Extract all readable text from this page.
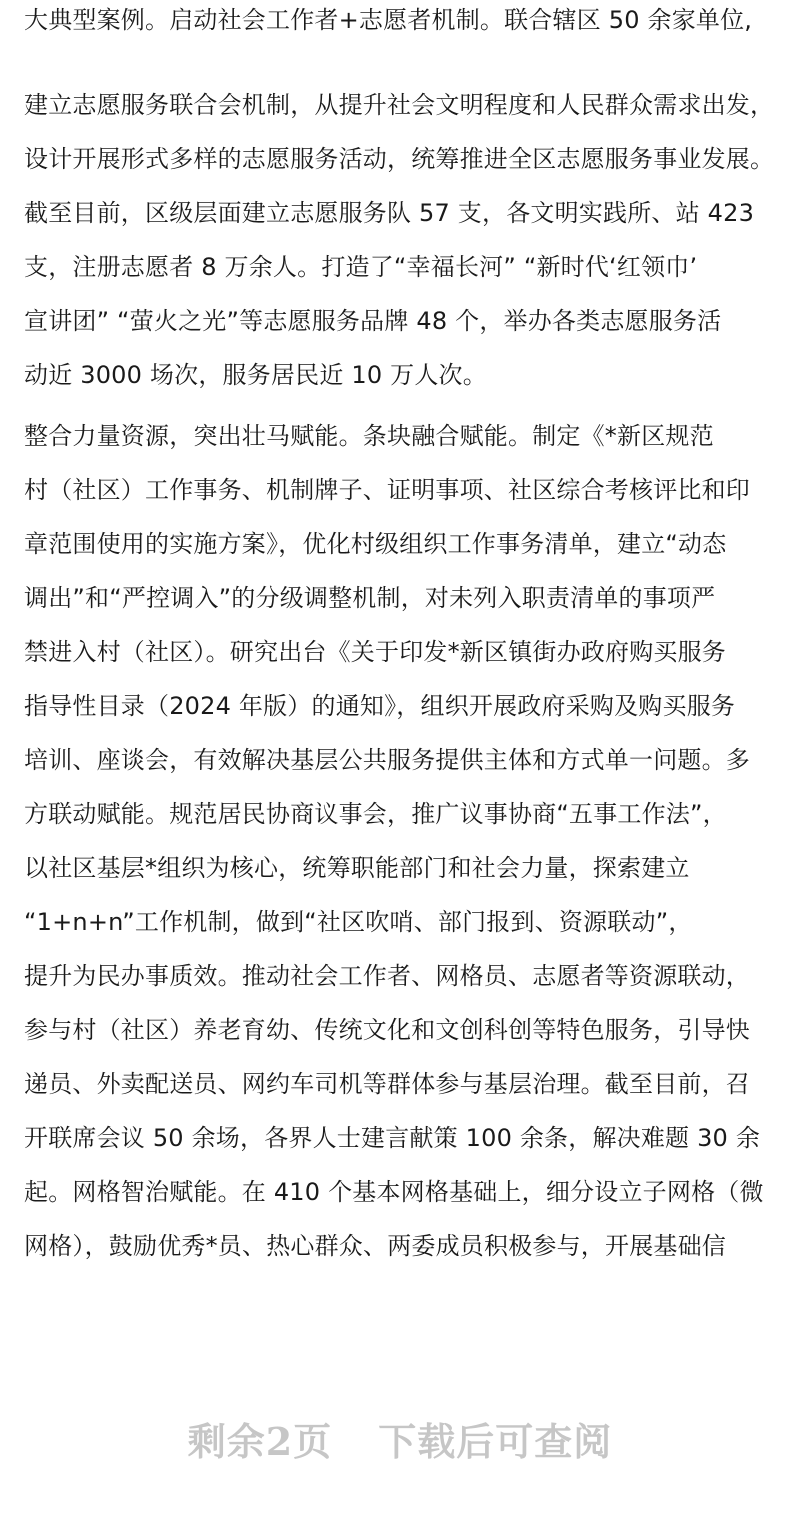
大典型案例。启动社会工作者+志愿者机制。联合辖区 50 余家单位,
建立志愿服务联合会机制，从提升社会文明程度和人民群众需求出发，
设计开展形式多样的志愿服务活动，统筹推进全区志愿服务事业发展。
截至目前，区级层面建立志愿服务队 57 支，各文明实践所、站 423
支，注册志愿者 8 万余人。打造了“幸福长河” “新时代‘红领巾’
宣讲团” “萤火之光”等志愿服务品牌 48 个，举办各类志愿服务活
动近 3000 场次，服务居民近 10 万人次。
整合力量资源，突出壮马赋能。条块融合赋能。制定《*新区规范
村（社区）工作事务、机制牌子、证明事项、社区综合考核评比和印
章范围使用的实施方案》，优化村级组织工作事务清单，建立“动态
调出”和“严控调入”的分级调整机制，对未列入职责清单的事项严
禁进入村（社区）。研究出台《关于印发*新区镇街办政府购买服务
指导性目录（2024 年版）的通知》，组织开展政府采购及购买服务
培训、座谈会，有效解决基层公共服务提供主体和方式单一问题。多
方联动赋能。规范居民协商议事会，推广议事协商“五事工作法”，
以社区基层*组织为核心，统筹职能部门和社会力量，探索建立
“1+n+n”工作机制，做到“社区吹哨、部门报到、资源联动”，
提升为民办事质效。推动社会工作者、网格员、志愿者等资源联动，
参与村（社区）养老育幼、传统文化和文创科创等特色服务，引导快
递员、外卖配送员、网约车司机等群体参与基层治理。截至目前，召
开联席会议 50 余场，各界人士建言献策 100 余条，解决难题 30 余
起。网格智治赋能。在 410 个基本网格基础上，细分设立子网格（微
网格），鼓励优秀*员、热心群众、两委成员积极参与，开展基础信
剩余2页 下载后可查阅
